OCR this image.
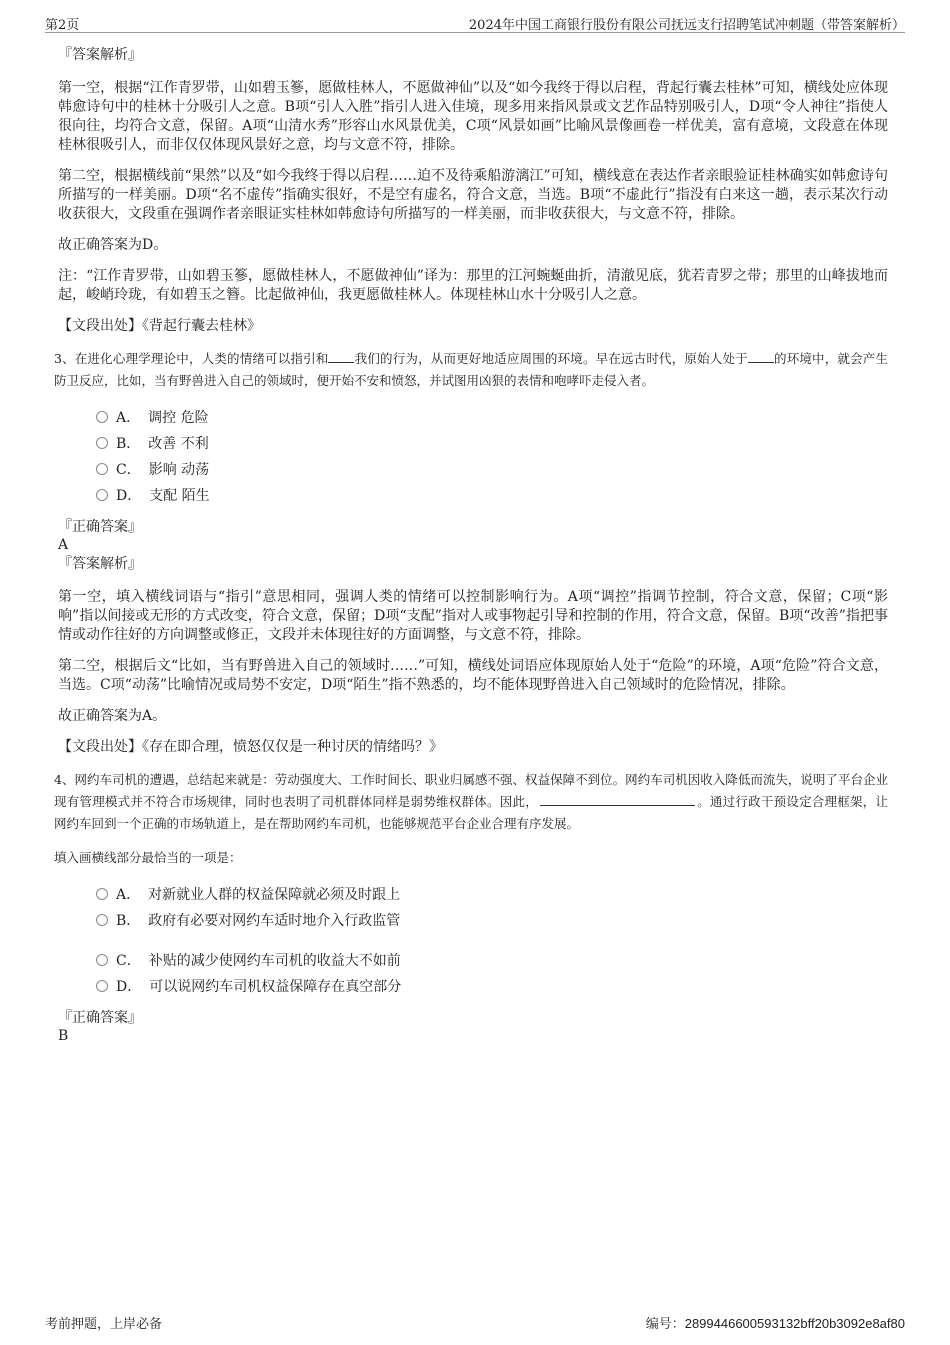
第2页	2024年中国工商银行股份有限公司抚远支行招聘笔试冲刺题（带答案解析）
『答案解析』

第一空，根据“江作青罗带，山如碧玉篸，愿做桂林人，不愿做神仙”以及“如今我终于得以启程，背起行囊去桂林”可知，横线处应体现韩愈诗句中的桂林十分吸引人之意。B项“引人入胜”指引人进入佳境，现多用来指风景或文艺作品特别吸引人，D项“令人神往”指使人很向往，均符合文意，保留。A项“山清水秀”形容山水风景优美，C项“风景如画”比喻风景像画卷一样优美，富有意境，文段意在体现桂林很吸引人，而非仅仅体现风景好之意，均与文意不符，排除。

第二空，根据横线前“果然”以及“如今我终于得以启程……迫不及待乘船游漓江”可知，横线意在表达作者亲眼验证桂林确实如韩愈诗句所描写的一样美丽。D项“名不虚传”指确实很好，不是空有虚名，符合文意，当选。B项“不虚此行”指没有白来这一趟，表示某次行动收获很大，文段重在强调作者亲眼证实桂林如韩愈诗句所描写的一样美丽，而非收获很大，与文意不符，排除。

故正确答案为D。

注：“江作青罗带，山如碧玉篸，愿做桂林人，不愿做神仙”译为：那里的江河蜿蜒曲折，清澈见底，犹若青罗之带；那里的山峰拔地而起，峻峭玲珑，有如碧玉之簪。比起做神仙，我更愿做桂林人。体现桂林山水十分吸引人之意。

【文段出处】《背起行囊去桂林》

3、在进化心理学理论中，人类的情绪可以指引和 我们的行为，从而更好地适应周围的环境。早在远古时代，原始人处于 的环境中，就会产生防卫反应，比如，当有野兽进入自己的领域时，便开始不安和愤怒，并试图用凶狠的表情和咆哮吓走侵入者。

A． 调控 危险
B． 改善 不利
C． 影响 动荡
D． 支配 陌生
『正确答案』
A
『答案解析』

第一空，填入横线词语与“指引”意思相同，强调人类的情绪可以控制影响行为。A项“调控”指调节控制，符合文意，保留；C项“影响”指以间接或无形的方式改变，符合文意，保留；D项“支配”指对人或事物起引导和控制的作用，符合文意，保留。B项“改善”指把事情或动作往好的方向调整或修正，文段并未体现往好的方面调整，与文意不符，排除。

第二空，根据后文“比如，当有野兽进入自己的领域时……”可知，横线处词语应体现原始人处于“危险”的环境，A项“危险”符合文意，当选。C项“动荡”比喻情况或局势不安定，D项“陌生”指不熟悉的，均不能体现野兽进入自己领域时的危险情况，排除。

故正确答案为A。

【文段出处】《存在即合理，愤怒仅仅是一种讨厌的情绪吗？》

4、网约车司机的遭遇，总结起来就是：劳动强度大、工作时间长、职业归属感不强、权益保障不到位。网约车司机因收入降低而流失，说明了平台企业现有管理模式并不符合市场规律，同时也表明了司机群体同样是弱势维权群体。因此，	。通过行政干预设定合理框架，让网约车回到一个正确的市场轨道上，是在帮助网约车司机，也能够规范平台企业合理有序发展。

填入画横线部分最恰当的一项是：

A． 对新就业人群的权益保障就必须及时跟上
B． 政府有必要对网约车适时地介入行政监管
C． 补贴的减少使网约车司机的收益大不如前
D． 可以说网约车司机权益保障存在真空部分
『正确答案』
B
考前押题，上岸必备	编号：289944660059313​2bff20b3092e8af80
